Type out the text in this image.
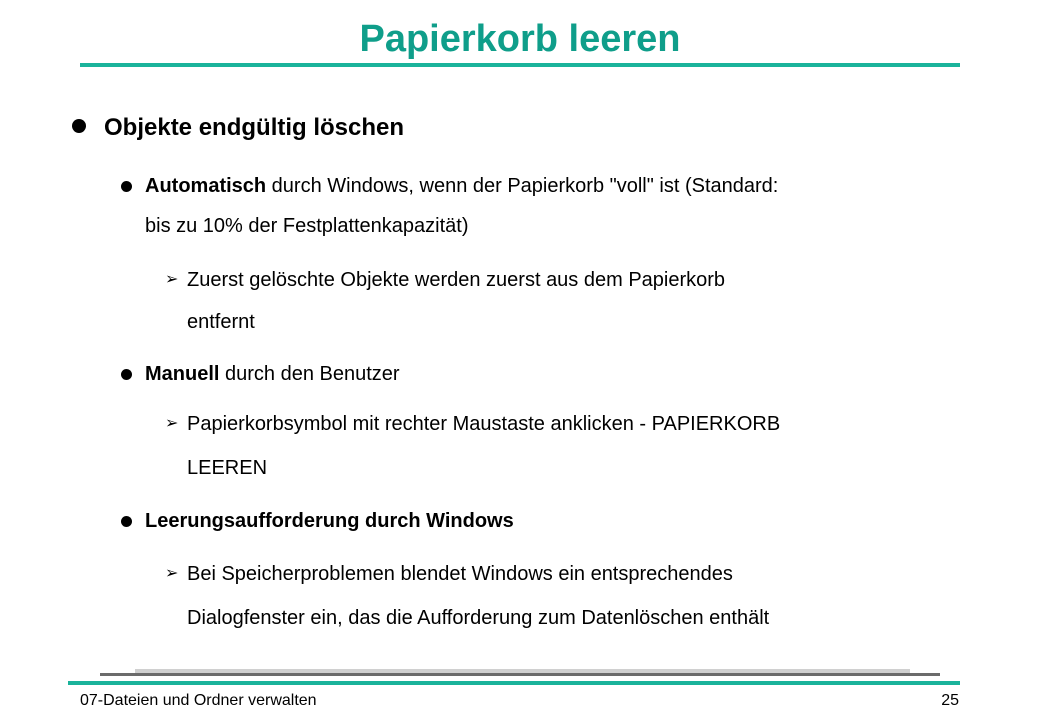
Papierkorb leeren
Objekte endgültig löschen
Automatisch durch Windows, wenn der Papierkorb "voll" ist (Standard:
bis zu 10% der Festplattenkapazität)
➢ Zuerst gelöschte Objekte werden zuerst aus dem Papierkorb
entfernt
Manuell durch den Benutzer
➢ Papierkorbsymbol mit rechter Maustaste anklicken - PAPIERKORB
LEEREN
Leerungsaufforderung durch Windows
➢ Bei Speicherproblemen blendet Windows ein entsprechendes
Dialogfenster ein, das die Aufforderung zum Datenlöschen enthält
07-Dateien und Ordner verwalten	25
